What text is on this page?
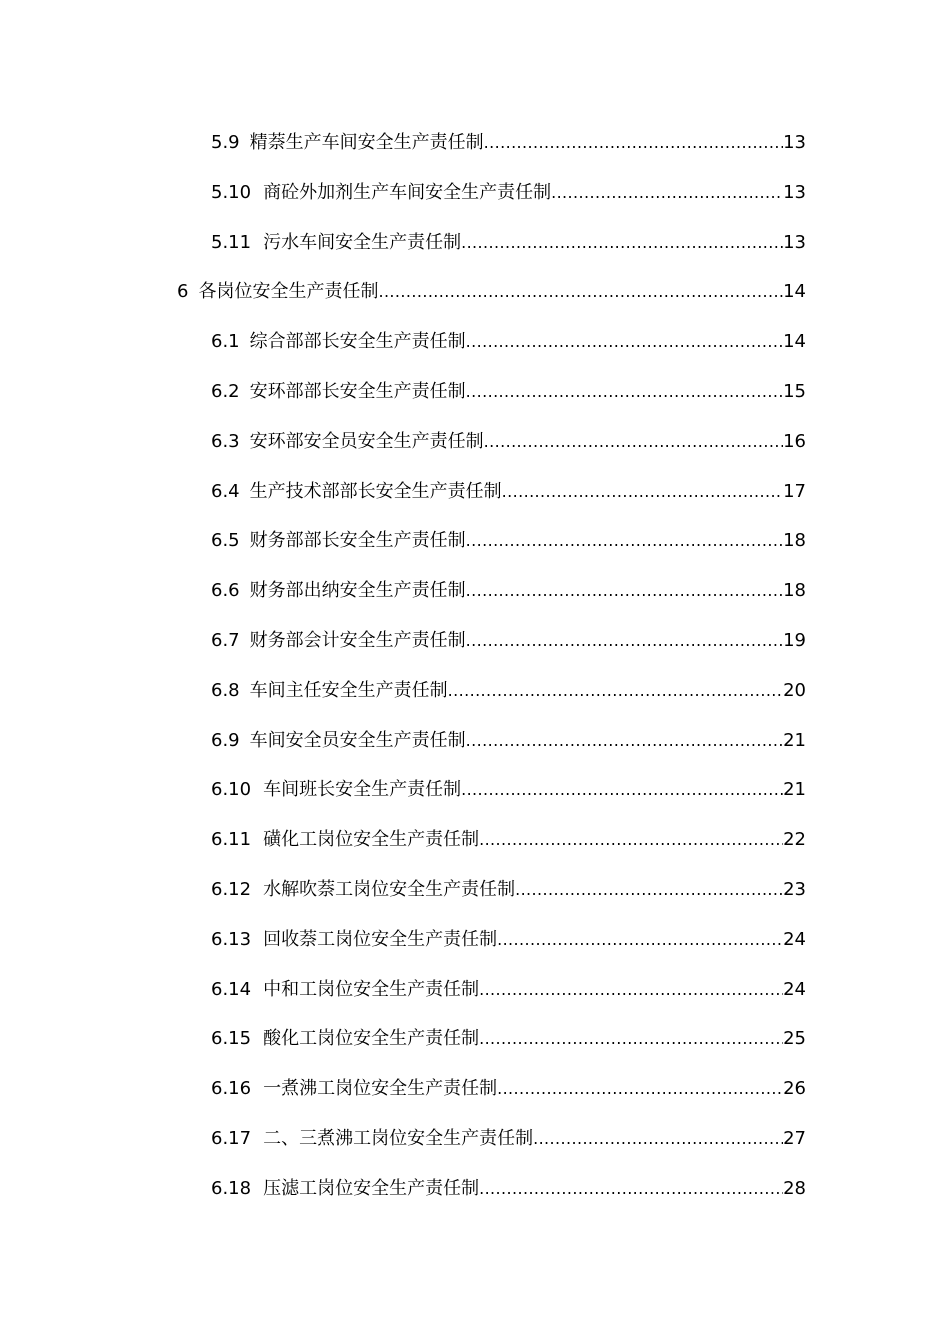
5.9 精萘生产车间安全生产责任制 .....	13
5.10 商砼外加剂生产车间安全生产责任制 .....	13
5.11 污水车间安全生产责任制 .....	13
6 各岗位安全生产责任制 .....	14
6.1 综合部部长安全生产责任制 .....	14
6.2 安环部部长安全生产责任制 .....	15
6.3 安环部安全员安全生产责任制 .....	16
6.4 生产技术部部长安全生产责任制 .....	17
6.5 财务部部长安全生产责任制 .....	18
6.6 财务部出纳安全生产责任制 .....	18
6.7 财务部会计安全生产责任制 .....	19
6.8 车间主任安全生产责任制 .....	20
6.9 车间安全员安全生产责任制 .....	21
6.10 车间班长安全生产责任制 .....	21
6.11 磺化工岗位安全生产责任制 .....	22
6.12 水解吹萘工岗位安全生产责任制 .....	23
6.13 回收萘工岗位安全生产责任制 .....	24
6.14 中和工岗位安全生产责任制 .....	24
6.15 酸化工岗位安全生产责任制 .....	25
6.16 一煮沸工岗位安全生产责任制 .....	26
6.17 二、三煮沸工岗位安全生产责任制 .....	27
6.18 压滤工岗位安全生产责任制 .....	28
